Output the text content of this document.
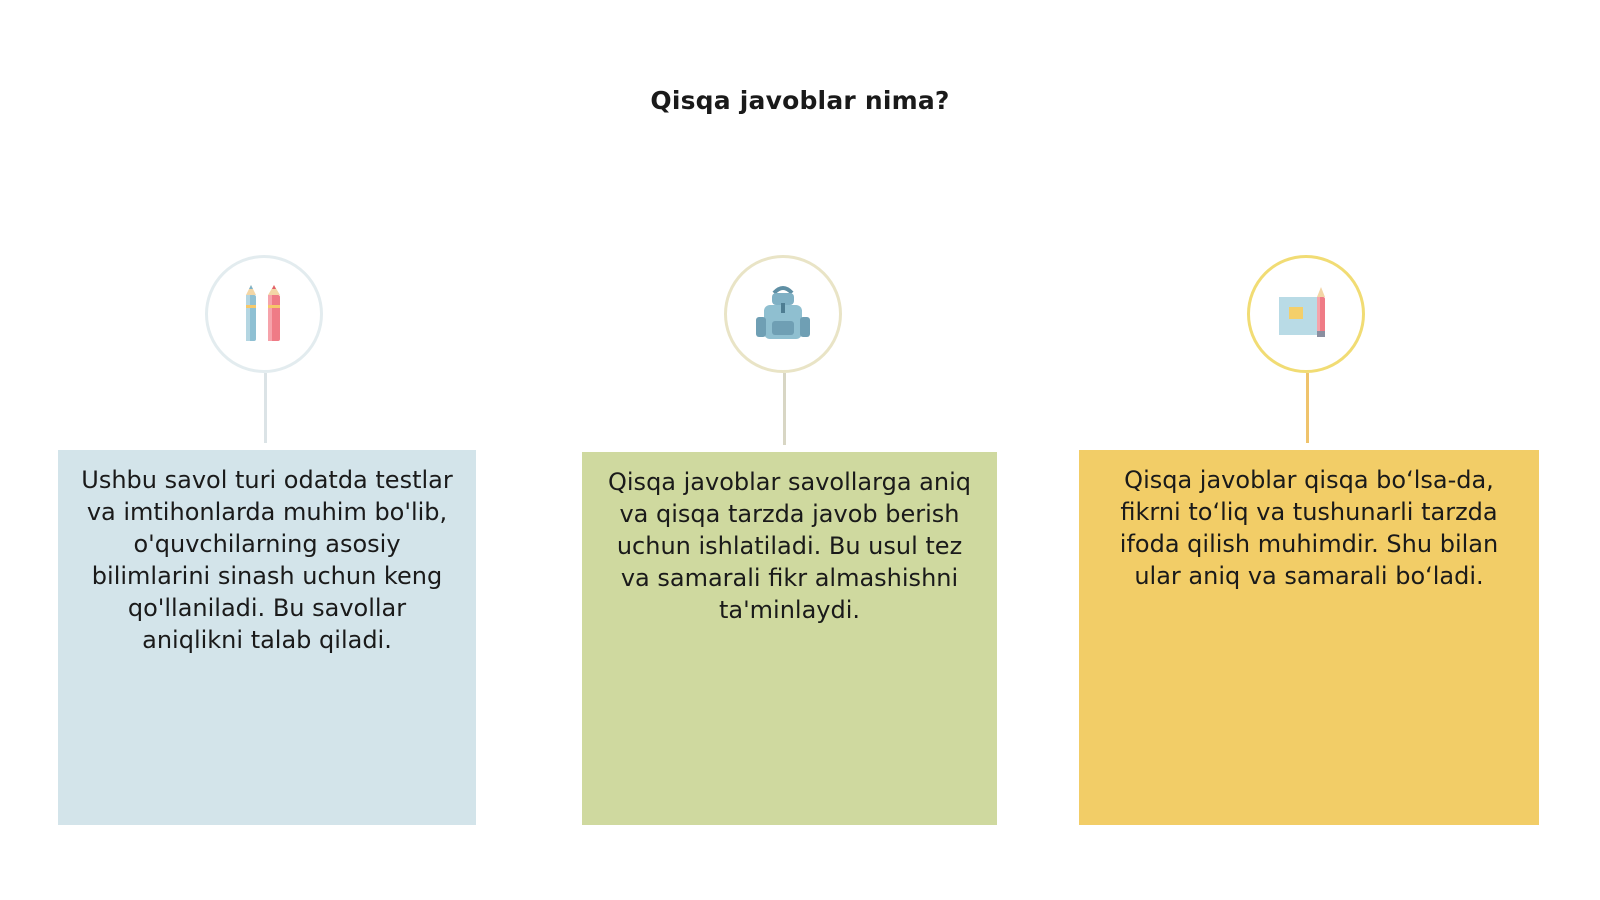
Qisqa javoblar nima?

Ushbu savol turi odatda testlar va imtihonlarda muhim bo'lib, o'quvchilarning asosiy bilimlarini sinash uchun keng qo'llaniladi. Bu savollar aniqlikni talab qiladi.

Qisqa javoblar savollarga aniq va qisqa tarzda javob berish uchun ishlatiladi. Bu usul tez va samarali fikr almashishni ta'minlaydi.

Qisqa javoblar qisqa bo‘lsa-da, fikrni to‘liq va tushunarli tarzda ifoda qilish muhimdir. Shu bilan ular aniq va samarali bo‘ladi.
